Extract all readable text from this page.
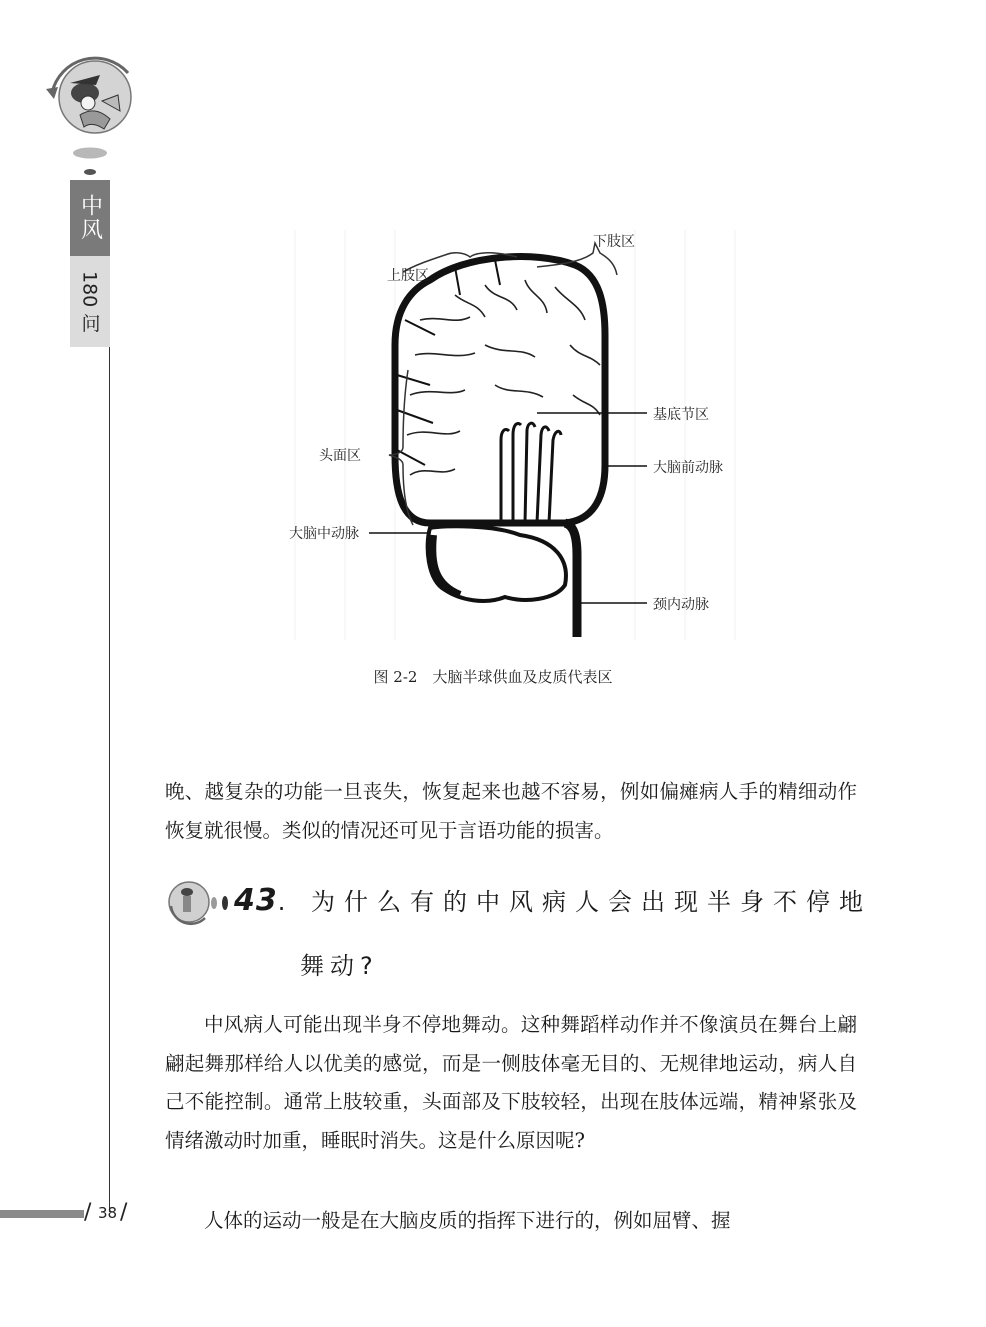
中风
180 问
下肢区
上肢区
基底节区
头面区
大脑前动脉
大脑中动脉
颈内动脉
图 2-2　大脑半球供血及皮质代表区

晚、越复杂的功能一旦丧失，恢复起来也越不容易，例如偏瘫病人手的精细动作恢复就很慢。类似的情况还可见于言语功能的损害。

43. 为什么有的中风病人会出现半身不停地
舞动?

中风病人可能出现半身不停地舞动。这种舞蹈样动作并不像演员在舞台上翩翩起舞那样给人以优美的感觉，而是一侧肢体毫无目的、无规律地运动，病人自己不能控制。通常上肢较重，头面部及下肢较轻，出现在肢体远端，精神紧张及情绪激动时加重，睡眠时消失。这是什么原因呢?

人体的运动一般是在大脑皮质的指挥下进行的，例如屈臂、握

/ 38 /
